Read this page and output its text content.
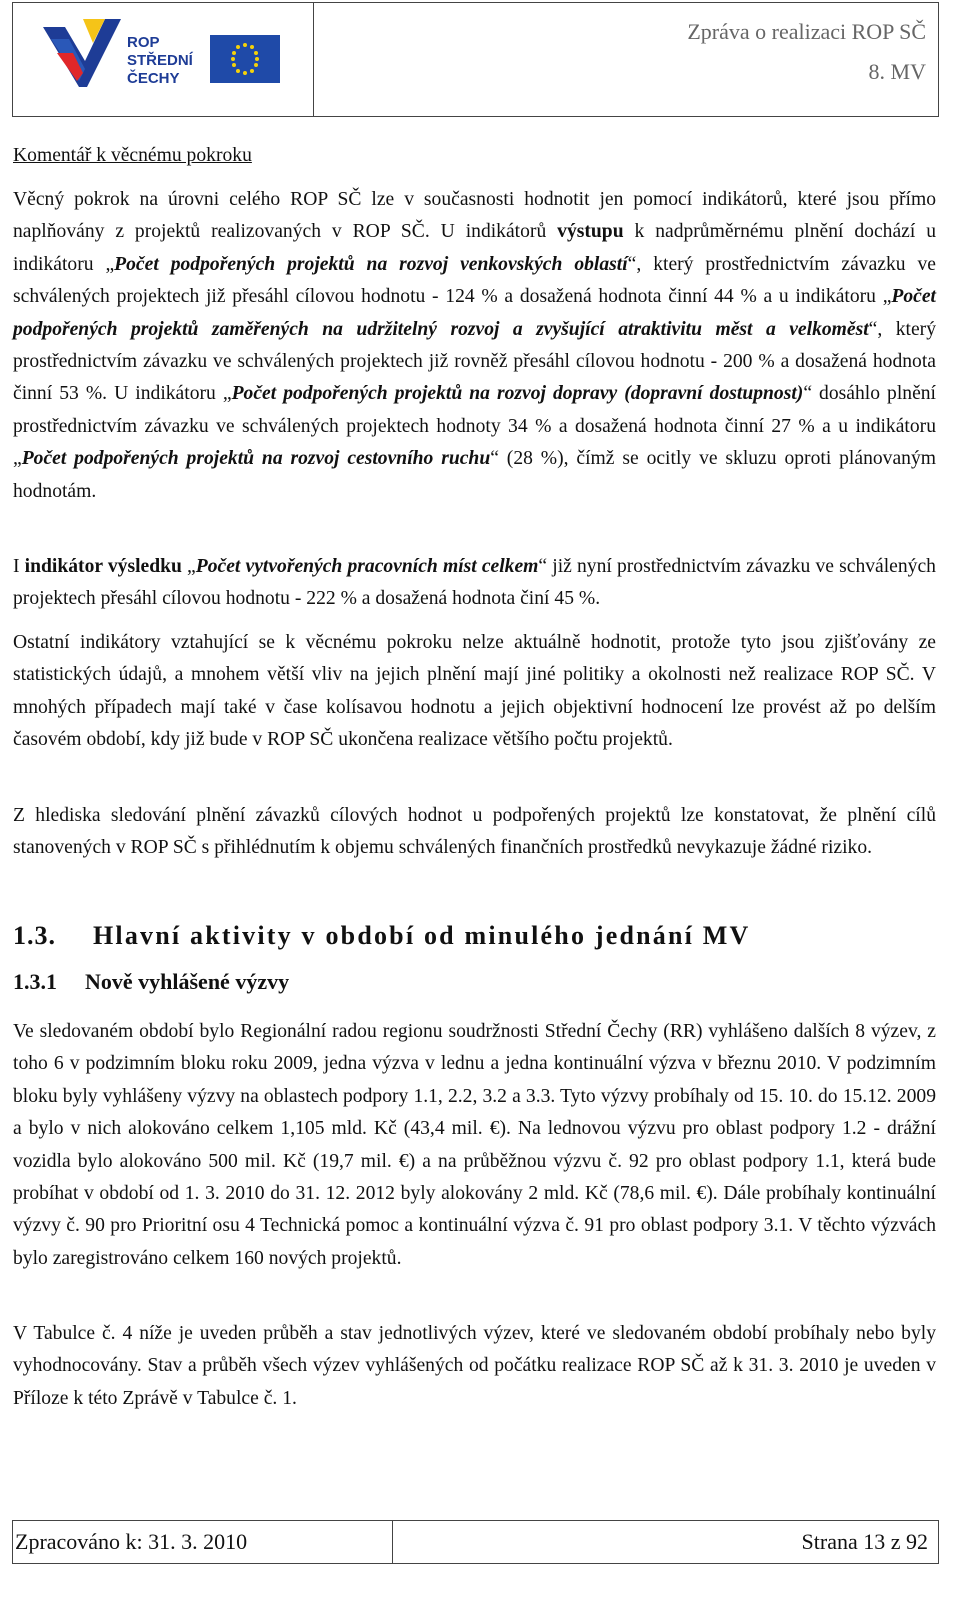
ROP
STŘEDNÍ
ČECHY
Zpráva o realizaci ROP SČ
8. MV

Komentář k věcnému pokroku

Věcný pokrok na úrovni celého ROP SČ lze v současnosti hodnotit jen pomocí indikátorů, které jsou přímo naplňovány z projektů realizovaných v ROP SČ. U indikátorů výstupu k nadprůměrnému plnění dochází u indikátoru „Počet podpořených projektů na rozvoj venkovských oblastí“, který prostřednictvím závazku ve schválených projektech již přesáhl cílovou hodnotu - 124 % a dosažená hodnota činní 44 % a u indikátoru „Počet podpořených projektů zaměřených na udržitelný rozvoj a zvyšující atraktivitu měst a velkoměst“, který prostřednictvím závazku ve schválených projektech již rovněž přesáhl cílovou hodnotu - 200 % a dosažená hodnota činní 53 %. U indikátoru „Počet podpořených projektů na rozvoj dopravy (dopravní dostupnost)“ dosáhlo plnění prostřednictvím závazku ve schválených projektech hodnoty 34 % a dosažená hodnota činní 27 % a u indikátoru „Počet podpořených projektů na rozvoj cestovního ruchu“ (28 %), čímž se ocitly ve skluzu oproti plánovaným hodnotám.

I indikátor výsledku „Počet vytvořených pracovních míst celkem“ již nyní prostřednictvím závazku ve schválených projektech přesáhl cílovou hodnotu - 222 % a dosažená hodnota činí 45 %.

Ostatní indikátory vztahující se k věcnému pokroku nelze aktuálně hodnotit, protože tyto jsou zjišťovány ze statistických údajů, a mnohem větší vliv na jejich plnění mají jiné politiky a okolnosti než realizace ROP SČ. V mnohých případech mají také v čase kolísavou hodnotu a jejich objektivní hodnocení lze provést až po delším časovém období, kdy již bude v ROP SČ ukončena realizace většího počtu projektů.

Z hlediska sledování plnění závazků cílových hodnot u podpořených projektů lze konstatovat, že plnění cílů stanovených v ROP SČ s přihlédnutím k objemu schválených finančních prostředků nevykazuje žádné riziko.

1.3. Hlavní aktivity v období od minulého jednání MV
1.3.1 Nově vyhlášené výzvy

Ve sledovaném období bylo Regionální radou regionu soudržnosti Střední Čechy (RR) vyhlášeno dalších 8 výzev, z toho 6 v podzimním bloku roku 2009, jedna výzva v lednu a jedna kontinuální výzva v březnu 2010. V podzimním bloku byly vyhlášeny výzvy na oblastech podpory 1.1, 2.2, 3.2 a 3.3. Tyto výzvy probíhaly od 15. 10. do 15.12. 2009 a bylo v nich alokováno celkem 1,105 mld. Kč (43,4 mil. €). Na lednovou výzvu pro oblast podpory 1.2 - drážní vozidla bylo alokováno 500 mil. Kč (19,7 mil. €) a na průběžnou výzvu č. 92 pro oblast podpory 1.1, která bude probíhat v období od 1. 3. 2010 do 31. 12. 2012 byly alokovány 2 mld. Kč (78,6 mil. €). Dále probíhaly kontinuální výzvy č. 90 pro Prioritní osu 4 Technická pomoc a kontinuální výzva č. 91 pro oblast podpory 3.1. V těchto výzvách bylo zaregistrováno celkem 160 nových projektů.

V Tabulce č. 4 níže je uveden průběh a stav jednotlivých výzev, které ve sledovaném období probíhaly nebo byly vyhodnocovány. Stav a průběh všech výzev vyhlášených od počátku realizace ROP SČ až k 31. 3. 2010 je uveden v Příloze k této Zprávě v Tabulce č. 1.

Zpracováno k: 31. 3. 2010	Strana 13 z 92
